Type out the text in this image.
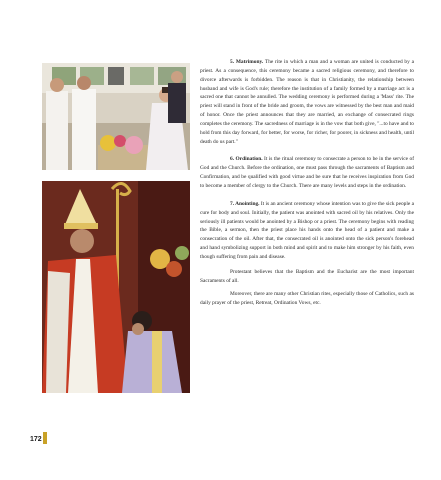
5. Matrimony. The rite in which a man and a woman are united is conducted by a priest. As a consequence, this ceremony became a sacred religious ceremony, and therefore to divorce afterwards is forbidden. The reason is that in Christianity, the relationship between husband and wife is God's rule; therefore the institution of a family formed by a marriage act is a sacred one that cannot be annulled. The wedding ceremony is performed during a 'Mass' rite. The priest will stand in front of the bride and groom, the vows are witnessed by the best man and maid of honor. Once the priest announces that they are married, an exchange of consecrated rings completes the ceremony. The sacredness of marriage is in the vow that both give, "...to have and to hold from this day forward, for better, for worse, for richer, for poorer, in sickness and health, until death do us part."

6. Ordination. It is the ritual ceremony to consecrate a person to be in the service of God and the Church. Before the ordination, one must pass through the sacraments of Baptism and Confirmation, and be qualified with good virtue and be sure that he receives inspiration from God to become a member of clergy to the Church. There are many levels and steps in the ordination.

7. Anointing. It is an ancient ceremony whose intention was to give the sick people a cure for body and soul. Initially, the patient was anointed with sacred oil by his relatives. Only the seriously ill patients would be anointed by a Bishop or a priest. The ceremony begins with reading the Bible, a sermon, then the priest place his hands onto the head of a patient and make a consecration of the oil. After that, the consecrated oil is anointed onto the sick person's forehead and hand symbolizing support in both mind and spirit and to make him stronger by his faith, even though suffering from pain and disease.

Protestant believes that the Baptism and the Eucharist are the most important Sacraments of all.

Moreover, there are many other Christian rites, especially those of Catholics, such as daily prayer of the priest, Retreat, Ordination Vows, etc.

172
